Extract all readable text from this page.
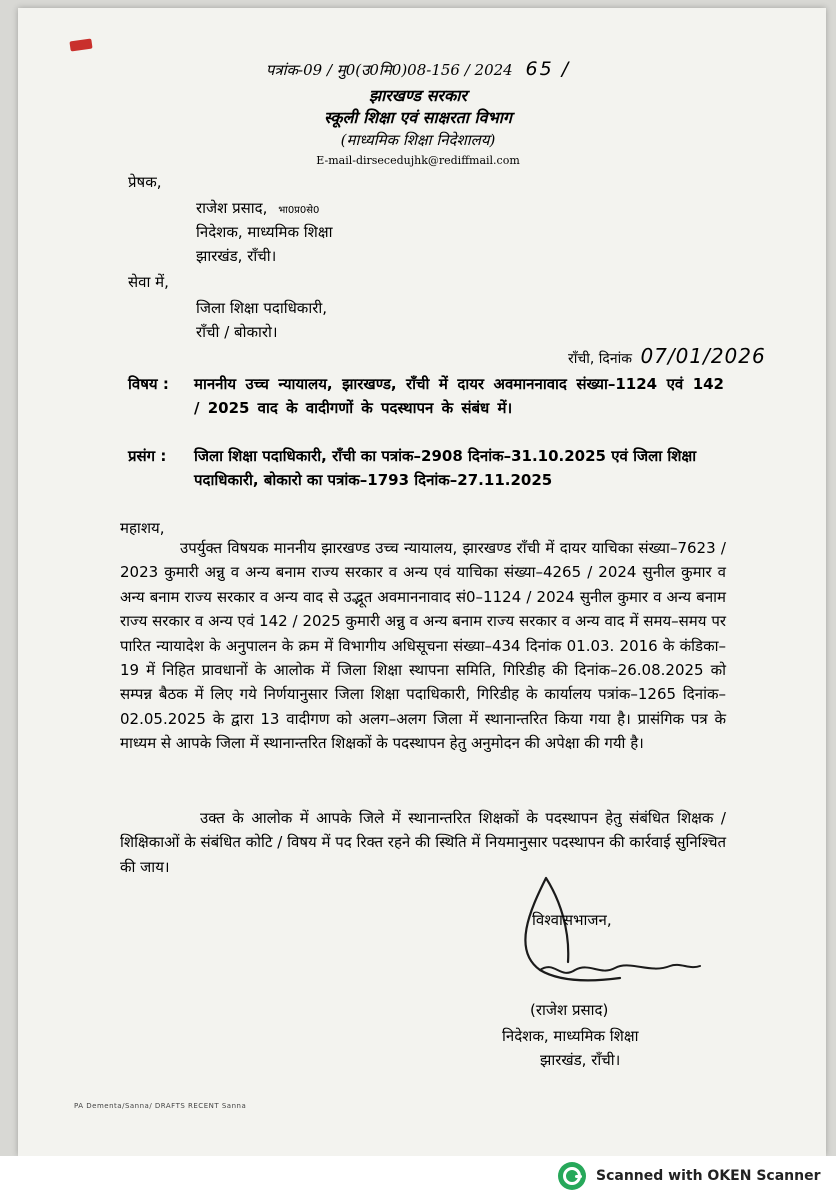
पत्रांक-09 / मु0(उ0मि0)08-156 / 2024 65 /
झारखण्ड सरकार
स्कूली शिक्षा एवं साक्षरता विभाग
(माध्यमिक शिक्षा निदेशालय)
E-mail-dirsecedujhk@rediffmail.com
प्रेषक,
राजेश प्रसाद, भा0प्र0से0
निदेशक, माध्यमिक शिक्षा
झारखंड, राँची।
सेवा में,
जिला शिक्षा पदाधिकारी,
राँची / बोकारो।
राँची, दिनांक 07/01/2026
विषय : माननीय उच्च न्यायालय, झारखण्ड, राँची में दायर अवमाननावाद संख्या–1124 एवं 142 / 2025 वाद के वादीगणों के पदस्थापन के संबंध में।
प्रसंग : जिला शिक्षा पदाधिकारी, राँची का पत्रांक–2908 दिनांक–31.10.2025 एवं जिला शिक्षा पदाधिकारी, बोकारो का पत्रांक–1793 दिनांक–27.11.2025
महाशय,
उपर्युक्त विषयक माननीय झारखण्ड उच्च न्यायालय, झारखण्ड राँची में दायर याचिका संख्या–7623 / 2023 कुमारी अन्नु व अन्य बनाम राज्य सरकार व अन्य एवं याचिका संख्या–4265 / 2024 सुनील कुमार व अन्य बनाम राज्य सरकार व अन्य वाद से उद्भूत अवमाननावाद सं0–1124 / 2024 सुनील कुमार व अन्य बनाम राज्य सरकार व अन्य एवं 142 / 2025 कुमारी अन्नु व अन्य बनाम राज्य सरकार व अन्य वाद में समय–समय पर पारित न्यायादेश के अनुपालन के क्रम में विभागीय अधिसूचना संख्या–434 दिनांक 01.03. 2016 के कंडिका–19 में निहित प्रावधानों के आलोक में जिला शिक्षा स्थापना समिति, गिरिडीह की दिनांक–26.08.2025 को सम्पन्न बैठक में लिए गये निर्णयानुसार जिला शिक्षा पदाधिकारी, गिरिडीह के कार्यालय पत्रांक–1265 दिनांक–02.05.2025 के द्वारा 13 वादीगण को अलग–अलग जिला में स्थानान्तरित किया गया है। प्रासंगिक पत्र के माध्यम से आपके जिला में स्थानान्तरित शिक्षकों के पदस्थापन हेतु अनुमोदन की अपेक्षा की गयी है।
उक्त के आलोक में आपके जिले में स्थानान्तरित शिक्षकों के पदस्थापन हेतु संबंधित शिक्षक / शिक्षिकाओं के संबंधित कोटि / विषय में पद रिक्त रहने की स्थिति में नियमानुसार पदस्थापन की कार्रवाई सुनिश्चित की जाय।
विश्वासभाजन,
(राजेश प्रसाद)
निदेशक, माध्यमिक शिक्षा
झारखंड, राँची।
PA Dementa/Sanna/ DRAFTS RECENT Sanna
Scanned with OKEN Scanner
